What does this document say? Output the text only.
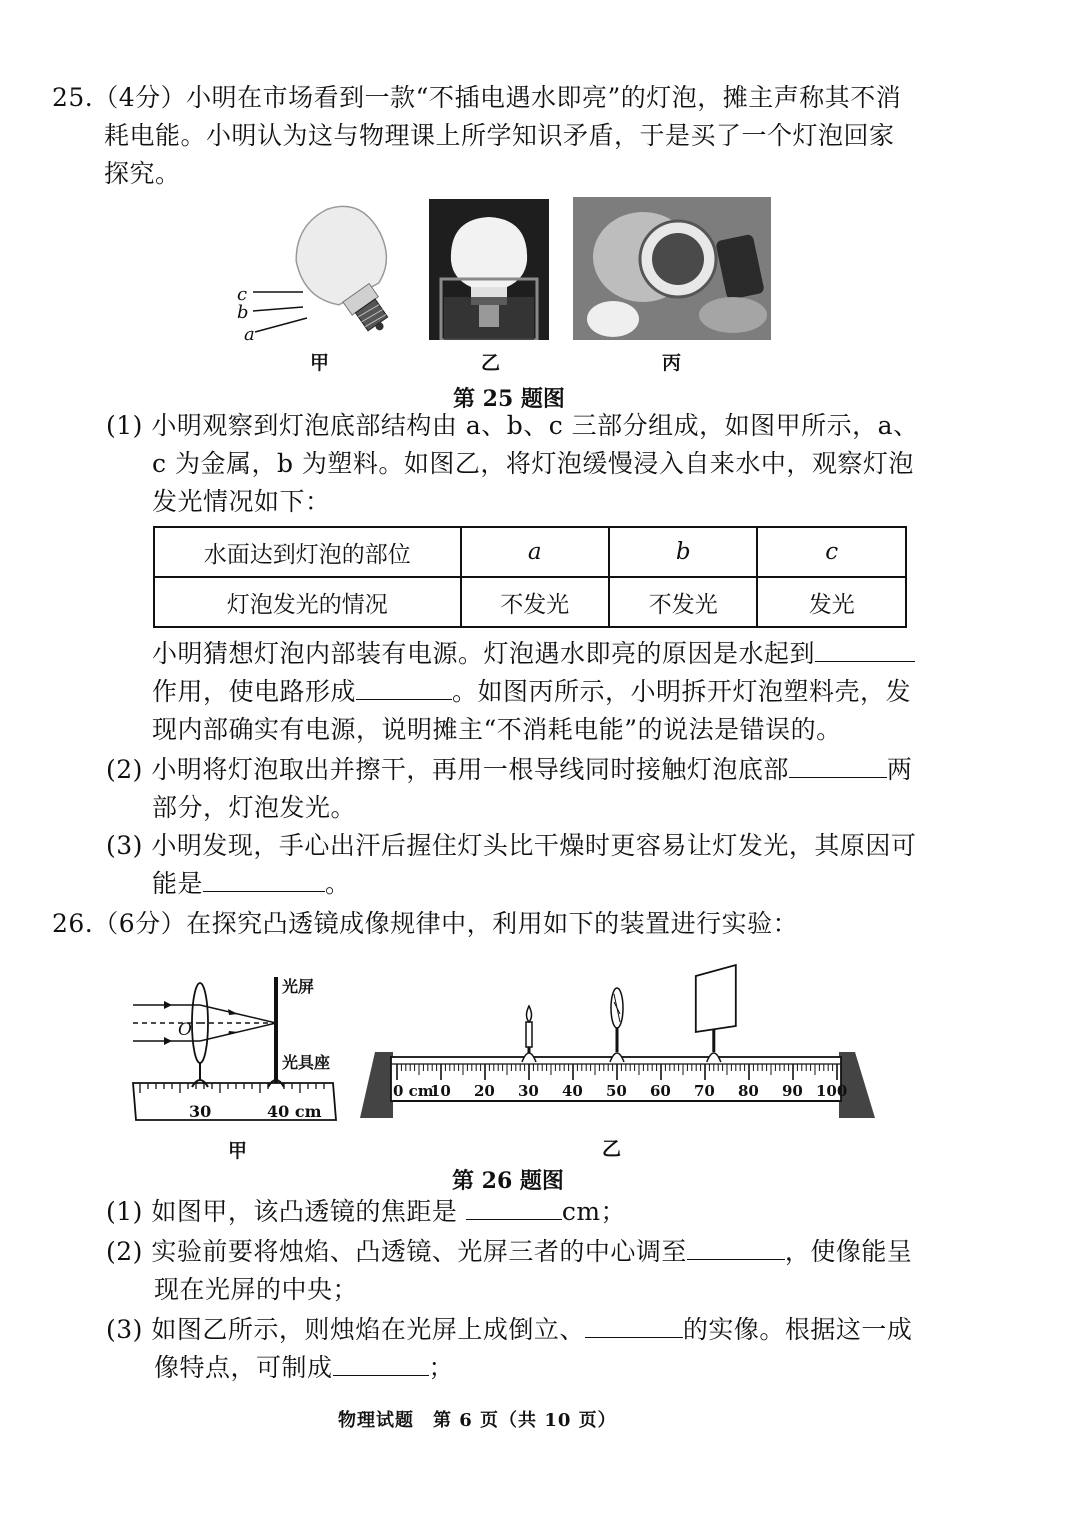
25.（4分）小明在市场看到一款“不插电遇水即亮”的灯泡，摊主声称其不消
耗电能。小明认为这与物理课上所学知识矛盾，于是买了一个灯泡回家
探究。
c
b
a
甲	乙	丙
第 25 题图
(1) 小明观察到灯泡底部结构由 a、b、c 三部分组成，如图甲所示，a、
c 为金属，b 为塑料。如图乙，将灯泡缓慢浸入自来水中，观察灯泡
发光情况如下：
水面达到灯泡的部位	a	b	c
灯泡发光的情况	不发光	不发光	发光
小明猜想灯泡内部装有电源。灯泡遇水即亮的原因是水起到
作用，使电路形成	。如图丙所示，小明拆开灯泡塑料壳，发
现内部确实有电源，说明摊主“不消耗电能”的说法是错误的。
(2) 小明将灯泡取出并擦干，再用一根导线同时接触灯泡底部	两
部分，灯泡发光。
(3) 小明发现，手心出汗后握住灯头比干燥时更容易让灯发光，其原因可
能是	。
26.（6分）在探究凸透镜成像规律中，利用如下的装置进行实验：
光屏
光具座
O
30	40 cm
甲
0 cm
10 20 30 40 50 60 70 80 90 100
乙
第 26 题图
(1) 如图甲，该凸透镜的焦距是	cm；
(2) 实验前要将烛焰、凸透镜、光屏三者的中心调至	，使像能呈
现在光屏的中央；
(3) 如图乙所示，则烛焰在光屏上成倒立、	的实像。根据这一成
像特点，可制成	；
物理试题　第 6 页（共 10 页）
